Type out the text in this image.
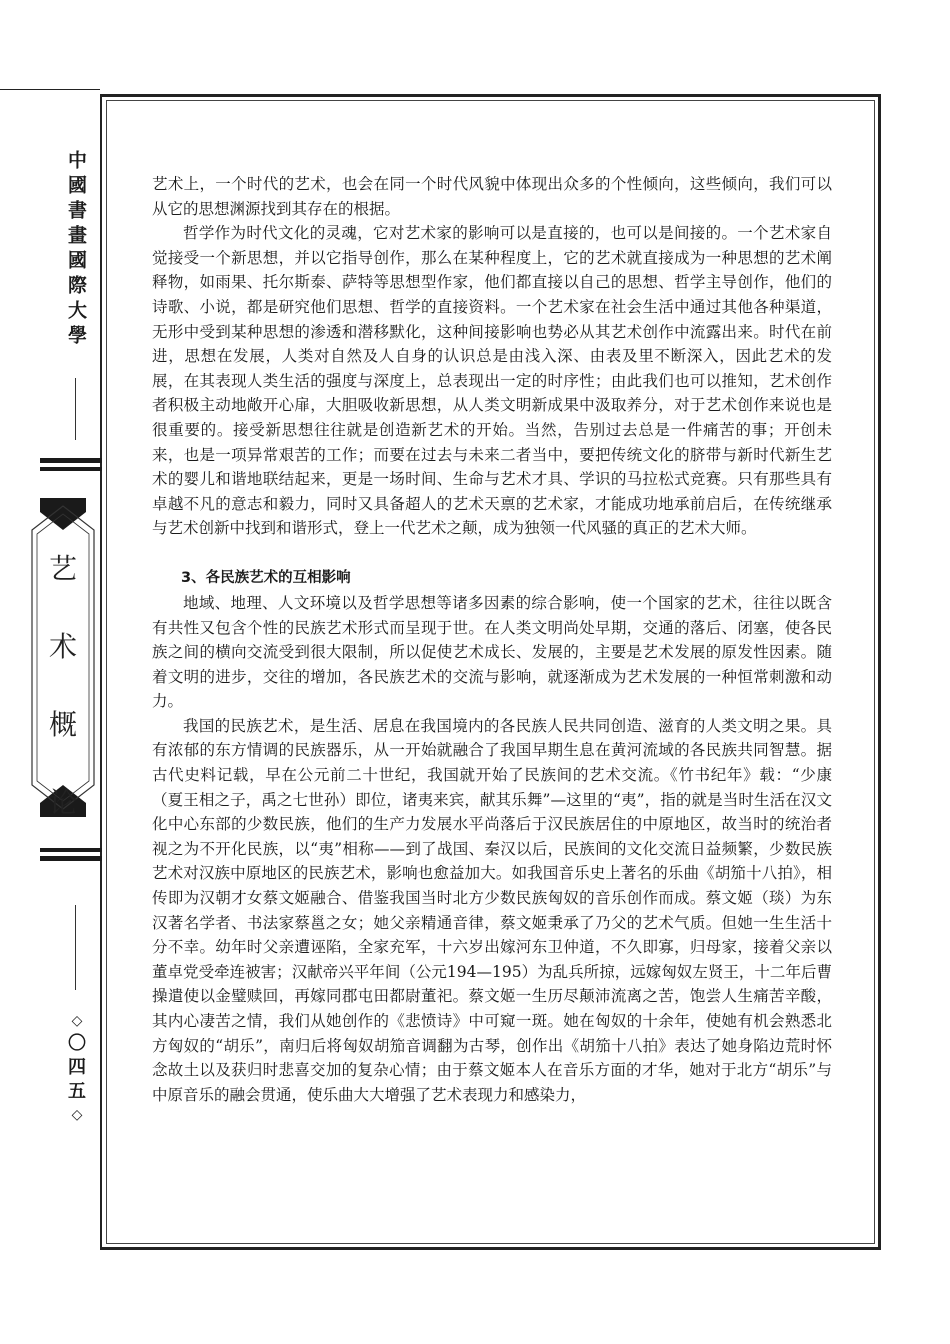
中國書畫國際大學
艺
术
概
论
◇
〇
四
五
◇

艺术上，一个时代的艺术，也会在同一个时代风貌中体现出众多的个性倾向，这些倾向，我们可以从它的思想渊源找到其存在的根据。

哲学作为时代文化的灵魂，它对艺术家的影响可以是直接的，也可以是间接的。一个艺术家自觉接受一个新思想，并以它指导创作，那么在某种程度上，它的艺术就直接成为一种思想的艺术阐释物，如雨果、托尔斯泰、萨特等思想型作家，他们都直接以自己的思想、哲学主导创作，他们的诗歌、小说，都是研究他们思想、哲学的直接资料。一个艺术家在社会生活中通过其他各种渠道，无形中受到某种思想的渗透和潜移默化，这种间接影响也势必从其艺术创作中流露出来。时代在前进，思想在发展，人类对自然及人自身的认识总是由浅入深、由表及里不断深入，因此艺术的发展，在其表现人类生活的强度与深度上，总表现出一定的时序性；由此我们也可以推知，艺术创作者积极主动地敞开心扉，大胆吸收新思想，从人类文明新成果中汲取养分，对于艺术创作来说也是很重要的。接受新思想往往就是创造新艺术的开始。当然，告别过去总是一件痛苦的事；开创未来，也是一项异常艰苦的工作；而要在过去与未来二者当中，要把传统文化的脐带与新时代新生艺术的婴儿和谐地联结起来，更是一场时间、生命与艺术才具、学识的马拉松式竞赛。只有那些具有卓越不凡的意志和毅力，同时又具备超人的艺术天禀的艺术家，才能成功地承前启后，在传统继承与艺术创新中找到和谐形式，登上一代艺术之颠，成为独领一代风骚的真正的艺术大师。

3、各民族艺术的互相影响

地域、地理、人文环境以及哲学思想等诸多因素的综合影响，使一个国家的艺术，往往以既含有共性又包含个性的民族艺术形式而呈现于世。在人类文明尚处早期，交通的落后、闭塞，使各民族之间的横向交流受到很大限制，所以促使艺术成长、发展的，主要是艺术发展的原发性因素。随着文明的进步，交往的增加，各民族艺术的交流与影响，就逐渐成为艺术发展的一种恒常刺激和动力。

我国的民族艺术，是生活、居息在我国境内的各民族人民共同创造、滋育的人类文明之果。具有浓郁的东方情调的民族器乐，从一开始就融合了我国早期生息在黄河流域的各民族共同智慧。据古代史料记载，早在公元前二十世纪，我国就开始了民族间的艺术交流。《竹书纪年》载：“少康（夏王相之子，禹之七世孙）即位，诸夷来宾，献其乐舞”—这里的“夷”，指的就是当时生活在汉文化中心东部的少数民族，他们的生产力发展水平尚落后于汉民族居住的中原地区，故当时的统治者视之为不开化民族，以“夷”相称——到了战国、秦汉以后，民族间的文化交流日益频繁，少数民族艺术对汉族中原地区的民族艺术，影响也愈益加大。如我国音乐史上著名的乐曲《胡笳十八拍》，相传即为汉朝才女蔡文姬融合、借鉴我国当时北方少数民族匈奴的音乐创作而成。蔡文姬（琰）为东汉著名学者、书法家蔡邕之女；她父亲精通音律，蔡文姬秉承了乃父的艺术气质。但她一生生活十分不幸。幼年时父亲遭诬陷，全家充军，十六岁出嫁河东卫仲道，不久即寡，归母家，接着父亲以董卓党受牵连被害；汉献帝兴平年间（公元194—195）为乱兵所掠，远嫁匈奴左贤王，十二年后曹操遣使以金璧赎回，再嫁同郡屯田都尉董祀。蔡文姬一生历尽颠沛流离之苦，饱尝人生痛苦辛酸，其内心凄苦之情，我们从她创作的《悲愤诗》中可窥一斑。她在匈奴的十余年，使她有机会熟悉北方匈奴的“胡乐”，南归后将匈奴胡笳音调翻为古琴，创作出《胡笳十八拍》表达了她身陷边荒时怀念故土以及获归时悲喜交加的复杂心情；由于蔡文姬本人在音乐方面的才华，她对于北方“胡乐”与中原音乐的融会贯通，使乐曲大大增强了艺术表现力和感染力，
